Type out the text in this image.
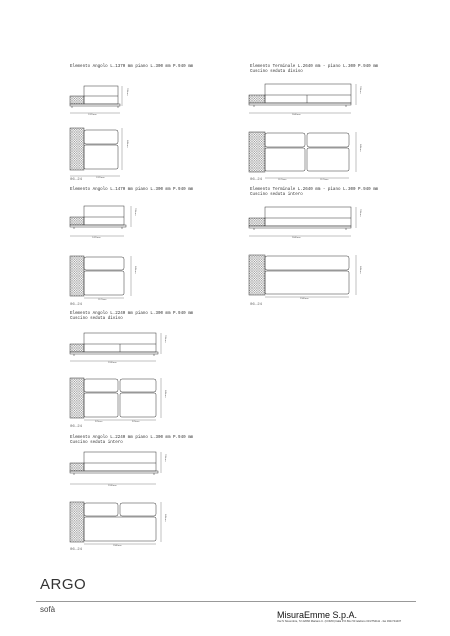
Elemento Angolo L.1370 mm piano L.300 mm P.940 mm
1370mm
790mm
1370mm
940mm
06-24
Elemento Terminale L.2640 mm - piano L.300 P.940 mm
Cuscino seduta diviso
2640mm
790mm
1170mm	1170mm
940mm
06-24
Elemento Angolo L.1470 mm piano L.300 mm P.940 mm
1470mm
790mm
1170mm
940mm
06-24
Elemento Terminale L.2640 mm - piano L.300 P.940 mm
Cuscino seduta intero
2640mm
790mm
2340mm
940mm
06-24
Elemento Angolo L.2240 mm piano L.300 mm P.940 mm
Cuscino seduta diviso
2240mm
790mm
970mm	970mm
940mm
06-24
Elemento Angolo L.2240 mm piano L.300 mm P.940 mm
Cuscino seduta intero
2240mm
790mm
1940mm
940mm
06-24
ARGO
sofà
MisuraEmme S.p.A.
Via IV Novembre, 72 22066 Mariano C. (COMO) Italia P.O.Box 53 telefono 031/754111 - fax 031/744437
